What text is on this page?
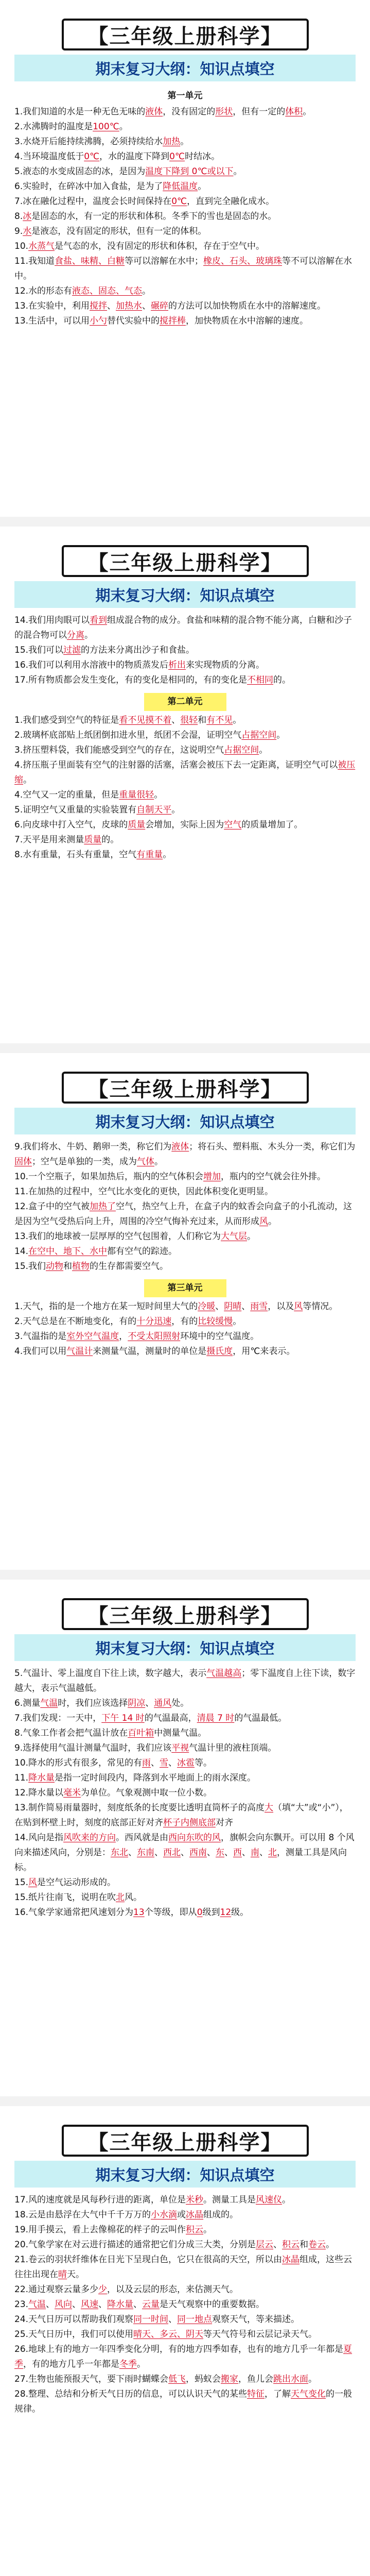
【三年级上册科学】
期末复习大纲：知识点填空
第一单元
1.我们知道的水是一种无色无味的液体，没有固定的形状，但有一定的体积。
2.水沸腾时的温度是100℃。
3.水烧开后能持续沸腾，必须持续给水加热。
4.当环境温度低于0℃，水的温度下降到0℃时结冰。
5.液态的水变成固态的冰，是因为温度下降到 0℃或以下。
6.实验时，在碎冰中加入食盐，是为了降低温度。
7.冰在融化过程中，温度会长时间保持在0℃，直到完全融化成水。
8.冰是固态的水，有一定的形状和体积。冬季下的雪也是固态的水。
9.水是液态，没有固定的形状，但有一定的体积。
10.水蒸气是气态的水，没有固定的形状和体积，存在于空气中。
11.我知道食盐、味精、白糖等可以溶解在水中；橡皮、石头、玻璃珠等不可以溶解在水中。
12.水的形态有液态、固态、气态。
13.在实验中，利用搅拌、加热水、碾碎的方法可以加快物质在水中的溶解速度。
13.生活中，可以用小勺替代实验中的搅拌棒，加快物质在水中溶解的速度。
【三年级上册科学】
期末复习大纲：知识点填空
14.我们用肉眼可以看到组成混合物的成分。食盐和味精的混合物不能分离，白糖和沙子的混合物可以分离。
15.我们可以过滤的方法来分离出沙子和食盐。
16.我们可以利用水溶液中的物质蒸发后析出来实现物质的分离。
17.所有物质都会发生变化，有的变化是相同的，有的变化是不相同的。
第二单元
1.我们感受到空气的特征是看不见摸不着、很轻和有不见。
2.玻璃杯底部贴上纸团倒扣进水里，纸团不会湿，证明空气占据空间。
3.挤压塑料袋，我们能感受到空气的存在，这说明空气占据空间。
4.挤压瓶子里面装有空气的注射器的活塞，活塞会被压下去一定距离，证明空气可以被压缩。
4.空气又一定的重量，但是重量很轻。
5.证明空气又重量的实验装置有自制天平。
6.向皮球中打入空气，皮球的质量会增加，实际上因为空气的质量增加了。
7.天平是用来测量质量的。
8.水有重量，石头有重量，空气有重量。
【三年级上册科学】
期末复习大纲：知识点填空
9.我们将水、牛奶、鹅卵一类，称它们为液体；将石头、塑料瓶、木头分一类，称它们为固体；空气是单独的一类，成为气体。
10.一个空瓶子，如果加热后，瓶内的空气体积会增加，瓶内的空气就会往外排。
11.在加热的过程中，空气比水变化的更快，因此体积变化更明显。
12.盒子中的空气被加热了空气，热空气上升，在盒子内的蚊香会向盒子的小孔流动，这是因为空气受热后向上升，周围的冷空气悔补充过来，从而形成风。
13.我们的地球被一层厚厚的空气包围着，人们称它为大气层。
14.在空中、地下、水中都有空气的踪迹。
15.我们动物和植物的生存都需要空气。
第三单元
1.天气，指的是一个地方在某一短时间里大气的冷暖、阴晴、雨雪，以及风等情况。
2.天气总是在不断地变化，有的十分迅速，有的比较缓慢。
3.气温指的是室外空气温度，不受太阳照射环境中的空气温度。
4.我们可以用气温计来测量气温，测量时的单位是摄氏度，用℃来表示。
【三年级上册科学】
期末复习大纲：知识点填空
5.气温计、零上温度自下往上读，数字越大，表示气温越高；零下温度自上往下读，数字越大，表示气温越低。
6.测量气温时，我们应该选择阴凉、通风处。
7.我们发现：一天中，下午 14 时的气温最高，清晨 7 时的气温最低。
8.气象工作者会把气温计放在百叶箱中测量气温。
9.选择使用气温计测量气温时，我们应该平视气温计里的液柱顶端。
10.降水的形式有很多，常见的有雨、雪、冰雹等。
11.降水量是指一定时间段内，降落到水平地面上的雨水深度。
12.降水量以毫米为单位。气象观测中取一位小数。
13.制作简易雨量器时，刻度纸条的长度要比透明直筒杯子的高度大（填“大”或“小”），在贴到杯壁上时，刻度的底部正好对齐杯子内侧底部对齐
14.风向是指风吹来的方向。西风就是由西向东吹的风，旗帜会向东飘开。可以用 8 个风向来描述风向，分别是：东北、东南、西北、西南、东、西、南、北，测量工具是风向标。
15.风是空气运动形成的。
15.纸片往南飞，说明在吹北风。
16.气象学家通常把风速划分为13个等级，即从0级到12级。
【三年级上册科学】
期末复习大纲：知识点填空
17.风的速度就是风每秒行进的距离，单位是米秒。测量工具是风速仪。
18.云是由悬浮在大气中千千万万的小水滴或冰晶组成的。
19.用手摸云，看上去像棉花的样子的云叫作积云。
20.气象学家在对云进行描述的通常把它们分成三大类，分别是层云、积云和卷云。
21.卷云的羽状纤维体在日光下呈现白色，它只在很高的天空，所以由冰晶组成，这些云往往出现在晴天。
22.通过观察云量多少少，以及云层的形态，来估测天气。
23.气温、风向、风速、降水量、云量是天气观察中的重要数据。
24.天气日历可以帮助我们观察同一时间、同一地点观察天气，等来描述。
25.天气日历中，我们可以使用晴天、多云、阴天等天气符号和云层记录天气。
26.地球上有的地方一年四季变化分明，有的地方四季如春，也有的地方几乎一年都是夏季，有的地方几乎一年都是冬季。
27.生物也能预报天气，要下雨时蝴蝶会低飞，蚂蚁会搬家，鱼儿会跳出水面。
28.整理、总结和分析天气日历的信息，可以认识天气的某些特征，了解天气变化的一般规律。
